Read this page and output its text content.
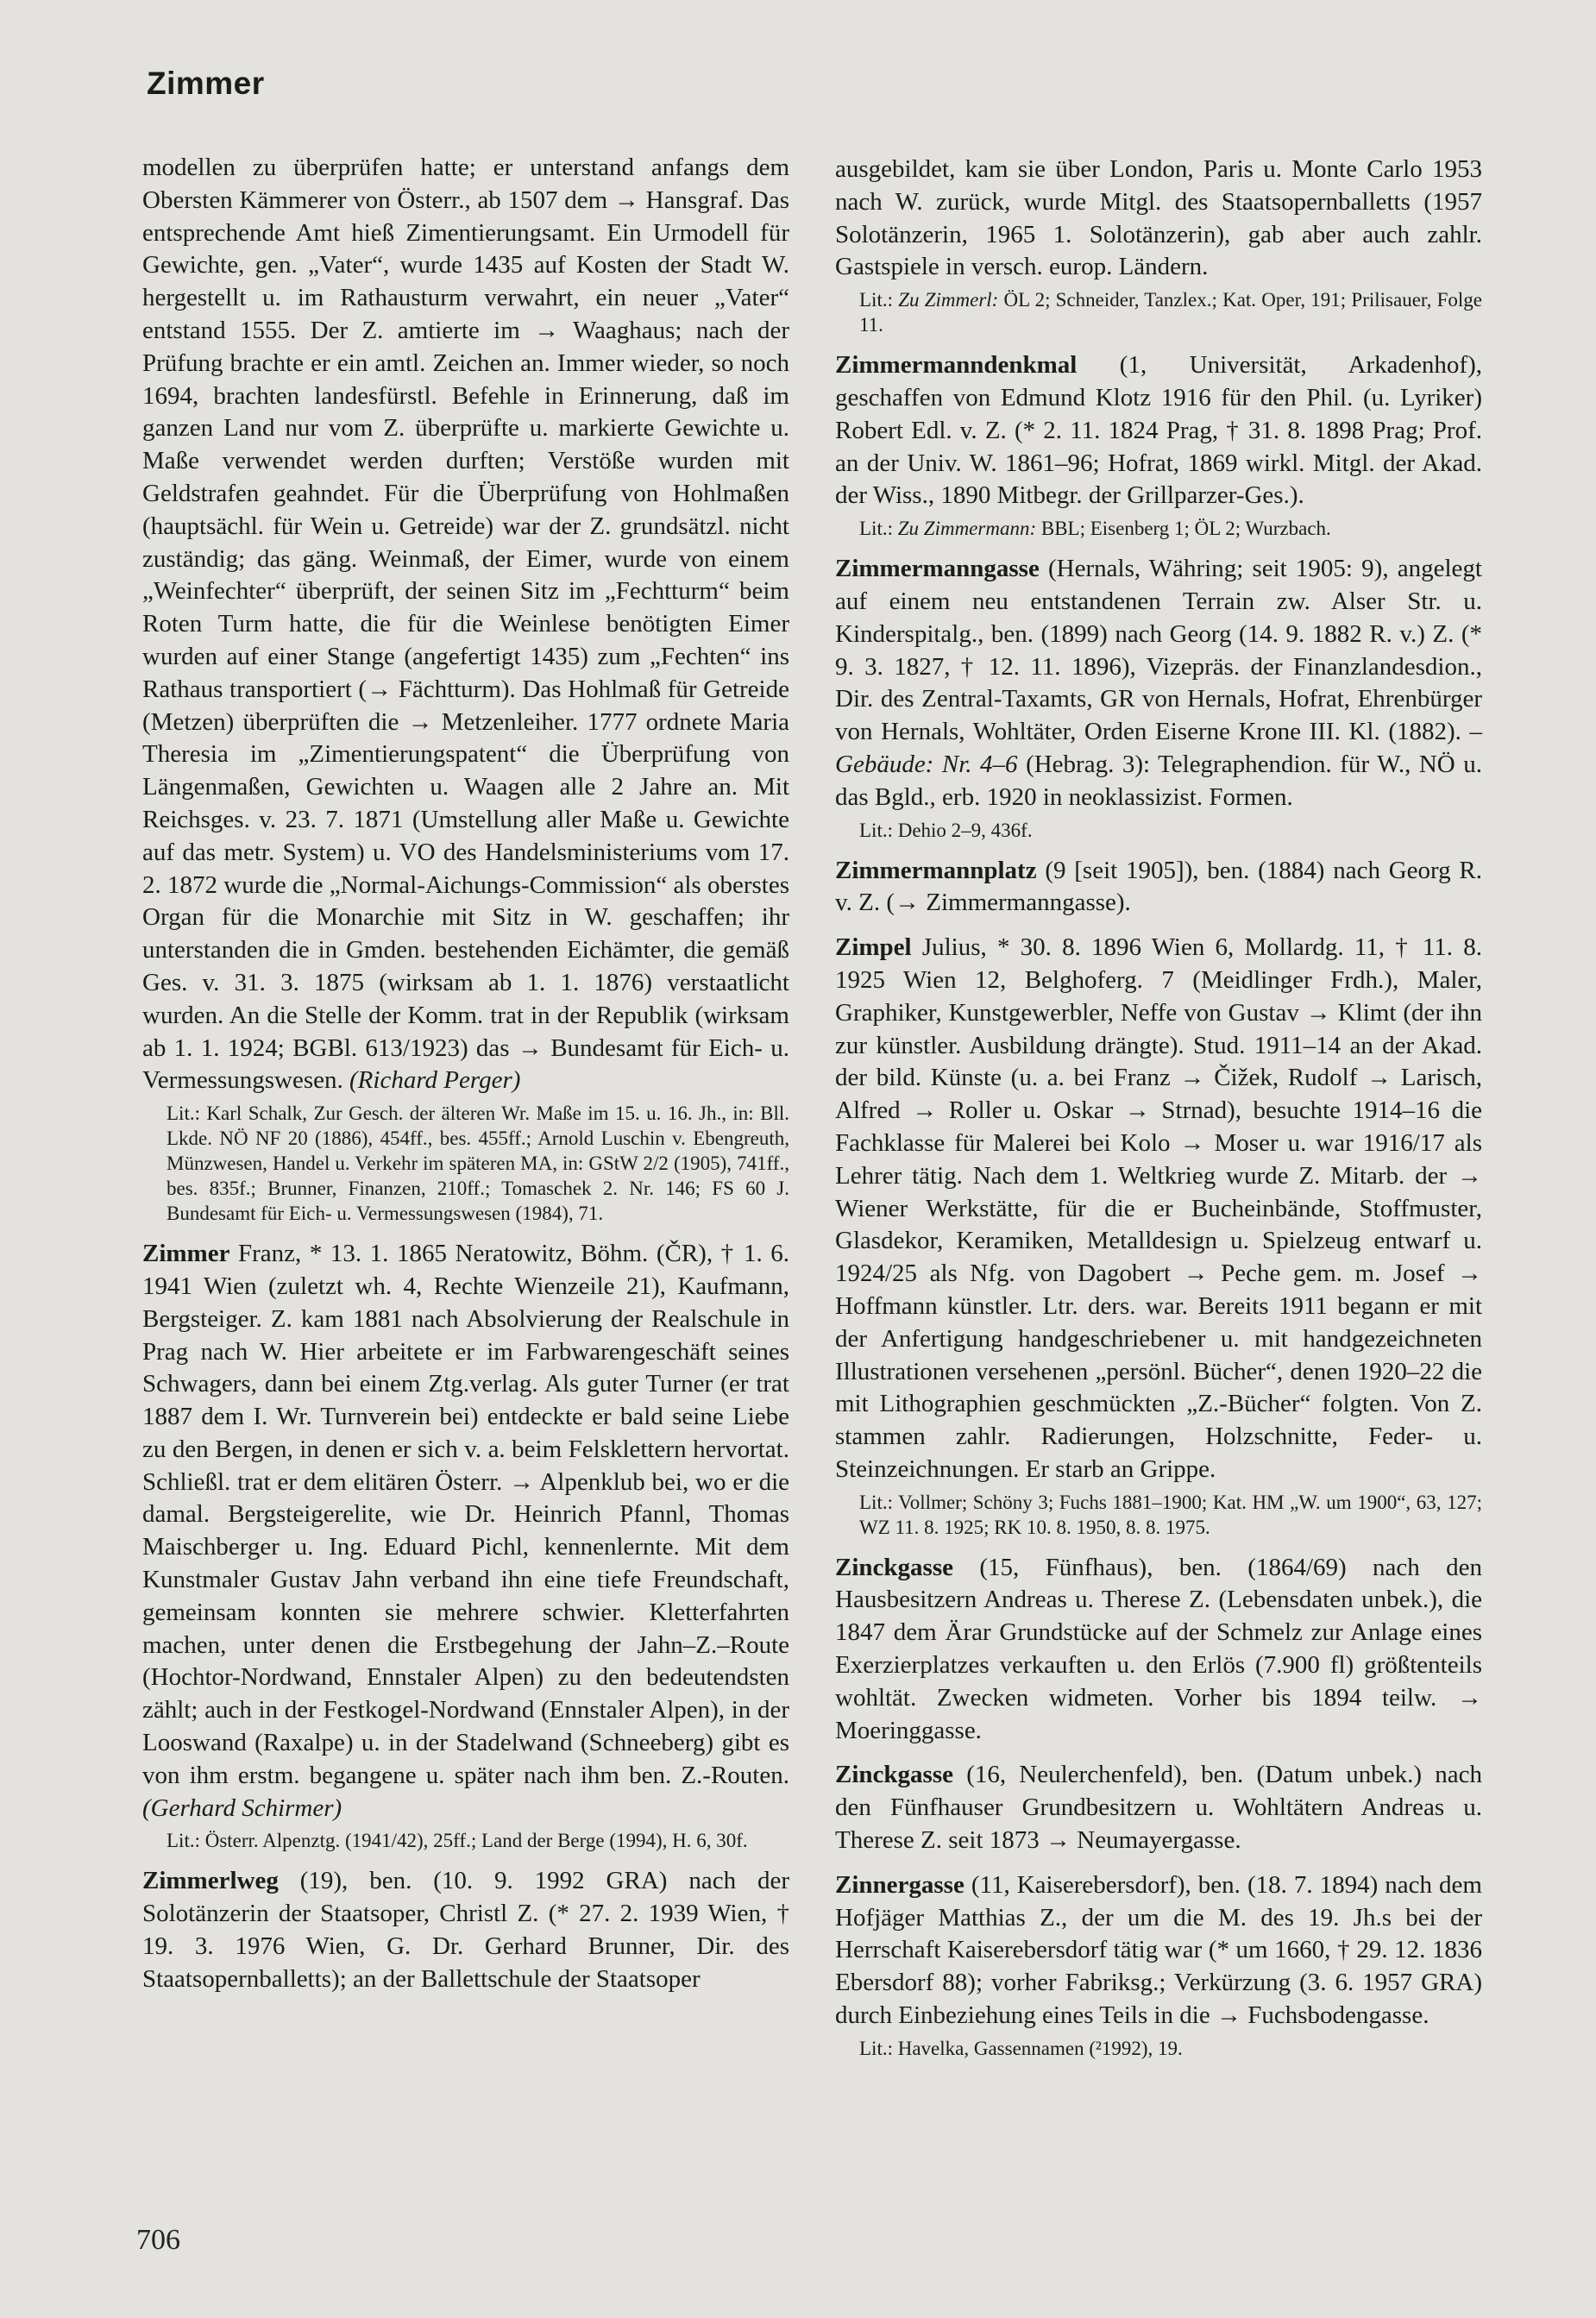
Zimmer

modellen zu überprüfen hatte; er unterstand anfangs dem Obersten Kämmerer von Österr., ab 1507 dem → Hansgraf. Das entsprechende Amt hieß Zimentierungsamt. Ein Urmodell für Gewichte, gen. „Vater“, wurde 1435 auf Kosten der Stadt W. hergestellt u. im Rathausturm verwahrt, ein neuer „Vater“ entstand 1555. Der Z. amtierte im → Waaghaus; nach der Prüfung brachte er ein amtl. Zeichen an. Immer wieder, so noch 1694, brachten landesfürstl. Befehle in Erinnerung, daß im ganzen Land nur vom Z. überprüfte u. markierte Gewichte u. Maße verwendet werden durften; Verstöße wurden mit Geldstrafen geahndet. Für die Überprüfung von Hohlmaßen (hauptsächl. für Wein u. Getreide) war der Z. grundsätzl. nicht zuständig; das gäng. Weinmaß, der Eimer, wurde von einem „Weinfechter“ überprüft, der seinen Sitz im „Fechtturm“ beim Roten Turm hatte, die für die Weinlese benötigten Eimer wurden auf einer Stange (angefertigt 1435) zum „Fechten“ ins Rathaus transportiert (→ Fächtturm). Das Hohlmaß für Getreide (Metzen) überprüften die → Metzenleiher. 1777 ordnete Maria Theresia im „Zimentierungspatent“ die Überprüfung von Längenmaßen, Gewichten u. Waagen alle 2 Jahre an. Mit Reichsges. v. 23. 7. 1871 (Umstellung aller Maße u. Gewichte auf das metr. System) u. VO des Handelsministeriums vom 17. 2. 1872 wurde die „Normal-Aichungs-Commission“ als oberstes Organ für die Monarchie mit Sitz in W. geschaffen; ihr unterstanden die in Gmden. bestehenden Eichämter, die gemäß Ges. v. 31. 3. 1875 (wirksam ab 1. 1. 1876) verstaatlicht wurden. An die Stelle der Komm. trat in der Republik (wirksam ab 1. 1. 1924; BGBl. 613/1923) das → Bundesamt für Eich- u. Vermessungswesen. (Richard Perger)

Lit.: Karl Schalk, Zur Gesch. der älteren Wr. Maße im 15. u. 16. Jh., in: Bll. Lkde. NÖ NF 20 (1886), 454ff., bes. 455ff.; Arnold Luschin v. Ebengreuth, Münzwesen, Handel u. Verkehr im späteren MA, in: GStW 2/2 (1905), 741ff., bes. 835f.; Brunner, Finanzen, 210ff.; Tomaschek 2. Nr. 146; FS 60 J. Bundesamt für Eich- u. Vermessungswesen (1984), 71.

Zimmer Franz, * 13. 1. 1865 Neratowitz, Böhm. (ČR), † 1. 6. 1941 Wien (zuletzt wh. 4, Rechte Wienzeile 21), Kaufmann, Bergsteiger. Z. kam 1881 nach Absolvierung der Realschule in Prag nach W. Hier arbeitete er im Farbwarengeschäft seines Schwagers, dann bei einem Ztg.verlag. Als guter Turner (er trat 1887 dem I. Wr. Turnverein bei) entdeckte er bald seine Liebe zu den Bergen, in denen er sich v. a. beim Felsklettern hervortat. Schließl. trat er dem elitären Österr. → Alpenklub bei, wo er die damal. Bergsteigerelite, wie Dr. Heinrich Pfannl, Thomas Maischberger u. Ing. Eduard Pichl, kennenlernte. Mit dem Kunstmaler Gustav Jahn verband ihn eine tiefe Freundschaft, gemeinsam konnten sie mehrere schwier. Kletterfahrten machen, unter denen die Erstbegehung der Jahn–Z.–Route (Hochtor-Nordwand, Ennstaler Alpen) zu den bedeutendsten zählt; auch in der Festkogel-Nordwand (Ennstaler Alpen), in der Looswand (Raxalpe) u. in der Stadelwand (Schneeberg) gibt es von ihm erstm. begangene u. später nach ihm ben. Z.-Routen. (Gerhard Schirmer)

Lit.: Österr. Alpenztg. (1941/42), 25ff.; Land der Berge (1994), H. 6, 30f.

Zimmerlweg (19), ben. (10. 9. 1992 GRA) nach der Solotänzerin der Staatsoper, Christl Z. (* 27. 2. 1939 Wien, † 19. 3. 1976 Wien, G. Dr. Gerhard Brunner, Dir. des Staatsopernballetts); an der Ballettschule der Staatsoper

ausgebildet, kam sie über London, Paris u. Monte Carlo 1953 nach W. zurück, wurde Mitgl. des Staatsopernballetts (1957 Solotänzerin, 1965 1. Solotänzerin), gab aber auch zahlr. Gastspiele in versch. europ. Ländern.

Lit.: Zu Zimmerl: ÖL 2; Schneider, Tanzlex.; Kat. Oper, 191; Prilisauer, Folge 11.

Zimmermanndenkmal (1, Universität, Arkadenhof), geschaffen von Edmund Klotz 1916 für den Phil. (u. Lyriker) Robert Edl. v. Z. (* 2. 11. 1824 Prag, † 31. 8. 1898 Prag; Prof. an der Univ. W. 1861–96; Hofrat, 1869 wirkl. Mitgl. der Akad. der Wiss., 1890 Mitbegr. der Grillparzer-Ges.).

Lit.: Zu Zimmermann: BBL; Eisenberg 1; ÖL 2; Wurzbach.

Zimmermanngasse (Hernals, Währing; seit 1905: 9), angelegt auf einem neu entstandenen Terrain zw. Alser Str. u. Kinderspitalg., ben. (1899) nach Georg (14. 9. 1882 R. v.) Z. (* 9. 3. 1827, † 12. 11. 1896), Vizepräs. der Finanzlandesdion., Dir. des Zentral-Taxamts, GR von Hernals, Hofrat, Ehrenbürger von Hernals, Wohltäter, Orden Eiserne Krone III. Kl. (1882). – Gebäude: Nr. 4–6 (Hebrag. 3): Telegraphendion. für W., NÖ u. das Bgld., erb. 1920 in neoklassizist. Formen.

Lit.: Dehio 2–9, 436f.

Zimmermannplatz (9 [seit 1905]), ben. (1884) nach Georg R. v. Z. (→ Zimmermanngasse).

Zimpel Julius, * 30. 8. 1896 Wien 6, Mollardg. 11, † 11. 8. 1925 Wien 12, Belghoferg. 7 (Meidlinger Frdh.), Maler, Graphiker, Kunstgewerbler, Neffe von Gustav → Klimt (der ihn zur künstler. Ausbildung drängte). Stud. 1911–14 an der Akad. der bild. Künste (u. a. bei Franz → Čižek, Rudolf → Larisch, Alfred → Roller u. Oskar → Strnad), besuchte 1914–16 die Fachklasse für Malerei bei Kolo → Moser u. war 1916/17 als Lehrer tätig. Nach dem 1. Weltkrieg wurde Z. Mitarb. der → Wiener Werkstätte, für die er Bucheinbände, Stoffmuster, Glasdekor, Keramiken, Metalldesign u. Spielzeug entwarf u. 1924/25 als Nfg. von Dagobert → Peche gem. m. Josef → Hoffmann künstler. Ltr. ders. war. Bereits 1911 begann er mit der Anfertigung handgeschriebener u. mit handgezeichneten Illustrationen versehenen „persönl. Bücher“, denen 1920–22 die mit Lithographien geschmückten „Z.-Bücher“ folgten. Von Z. stammen zahlr. Radierungen, Holzschnitte, Feder- u. Steinzeichnungen. Er starb an Grippe.

Lit.: Vollmer; Schöny 3; Fuchs 1881–1900; Kat. HM „W. um 1900“, 63, 127; WZ 11. 8. 1925; RK 10. 8. 1950, 8. 8. 1975.

Zinckgasse (15, Fünfhaus), ben. (1864/69) nach den Hausbesitzern Andreas u. Therese Z. (Lebensdaten unbek.), die 1847 dem Ärar Grundstücke auf der Schmelz zur Anlage eines Exerzierplatzes verkauften u. den Erlös (7.900 fl) größtenteils wohltät. Zwecken widmeten. Vorher bis 1894 teilw. → Moeringgasse.

Zinckgasse (16, Neulerchenfeld), ben. (Datum unbek.) nach den Fünfhauser Grundbesitzern u. Wohltätern Andreas u. Therese Z. seit 1873 → Neumayergasse.

Zinnergasse (11, Kaiserebersdorf), ben. (18. 7. 1894) nach dem Hofjäger Matthias Z., der um die M. des 19. Jh.s bei der Herrschaft Kaiserebersdorf tätig war (* um 1660, † 29. 12. 1836 Ebersdorf 88); vorher Fabriksg.; Verkürzung (3. 6. 1957 GRA) durch Einbeziehung eines Teils in die → Fuchsbodengasse.

Lit.: Havelka, Gassennamen (²1992), 19.

706
